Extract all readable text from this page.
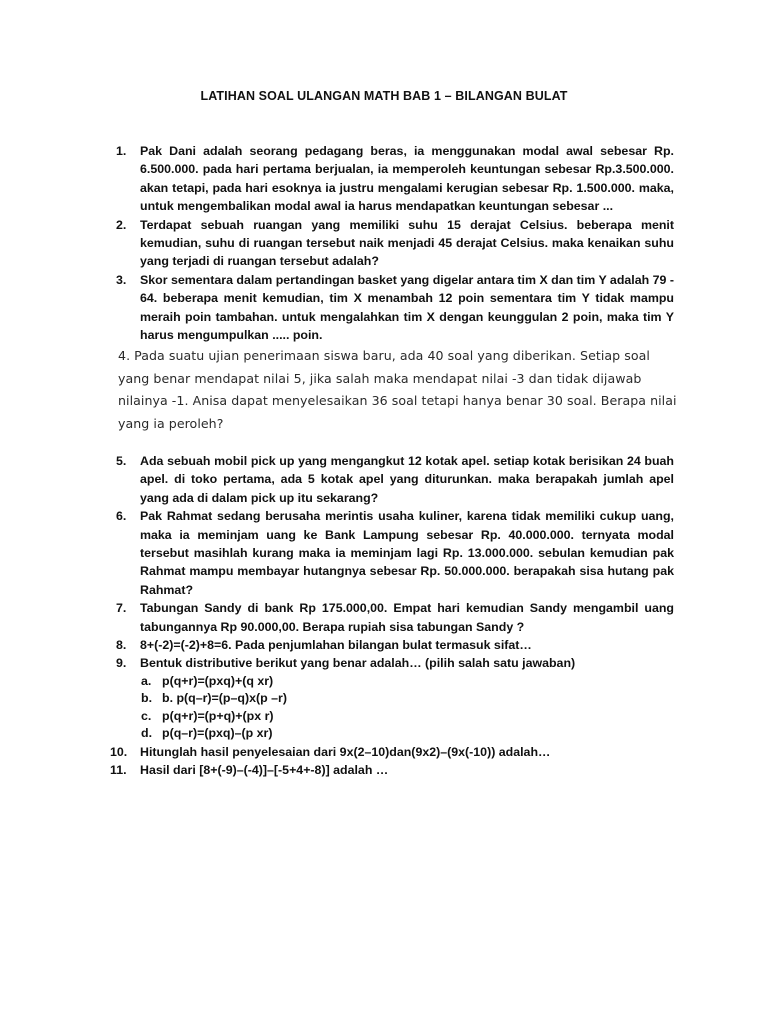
LATIHAN SOAL ULANGAN MATH BAB 1 – BILANGAN BULAT
1. Pak Dani adalah seorang pedagang beras, ia menggunakan modal awal sebesar Rp. 6.500.000. pada hari pertama berjualan, ia memperoleh keuntungan sebesar Rp.3.500.000. akan tetapi, pada hari esoknya ia justru mengalami kerugian sebesar Rp. 1.500.000. maka, untuk mengembalikan modal awal ia harus mendapatkan keuntungan sebesar ...
2. Terdapat sebuah ruangan yang memiliki suhu 15 derajat Celsius. beberapa menit kemudian, suhu di ruangan tersebut naik menjadi 45 derajat Celsius. maka kenaikan suhu yang terjadi di ruangan tersebut adalah?
3. Skor sementara dalam pertandingan basket yang digelar antara tim X dan tim Y adalah 79 - 64. beberapa menit kemudian, tim X menambah 12 poin sementara tim Y tidak mampu meraih poin tambahan. untuk mengalahkan tim X dengan keunggulan 2 poin, maka tim Y harus mengumpulkan ..... poin.
4. Pada suatu ujian penerimaan siswa baru, ada 40 soal yang diberikan. Setiap soal
yang benar mendapat nilai 5, jika salah maka mendapat nilai -3 dan tidak dijawab
nilainya -1. Anisa dapat menyelesaikan 36 soal tetapi hanya benar 30 soal. Berapa nilai
yang ia peroleh?
5. Ada sebuah mobil pick up yang mengangkut 12 kotak apel. setiap kotak berisikan 24 buah apel. di toko pertama, ada 5 kotak apel yang diturunkan. maka berapakah jumlah apel yang ada di dalam pick up itu sekarang?
6. Pak Rahmat sedang berusaha merintis usaha kuliner, karena tidak memiliki cukup uang, maka ia meminjam uang ke Bank Lampung sebesar Rp. 40.000.000. ternyata modal tersebut masihlah kurang maka ia meminjam lagi Rp. 13.000.000. sebulan kemudian pak Rahmat mampu membayar hutangnya sebesar Rp. 50.000.000. berapakah sisa hutang pak Rahmat?
7. Tabungan Sandy di bank Rp 175.000,00. Empat hari kemudian Sandy mengambil uang tabungannya Rp 90.000,00. Berapa rupiah sisa tabungan Sandy ?
8. 8+(-2)=(-2)+8=6. Pada penjumlahan bilangan bulat termasuk sifat…
9. Bentuk distributive berikut yang benar adalah… (pilih salah satu jawaban)
a. p(q+r)=(pxq)+(q xr)
b. b. p(q–r)=(p–q)x(p –r)
c. p(q+r)=(p+q)+(px r)
d. p(q–r)=(pxq)–(p xr)
10. Hitunglah hasil penyelesaian dari 9x(2–10)dan(9x2)–(9x(-10)) adalah…
11. Hasil dari [8+(-9)–(-4)]–[-5+4+-8)] adalah …
